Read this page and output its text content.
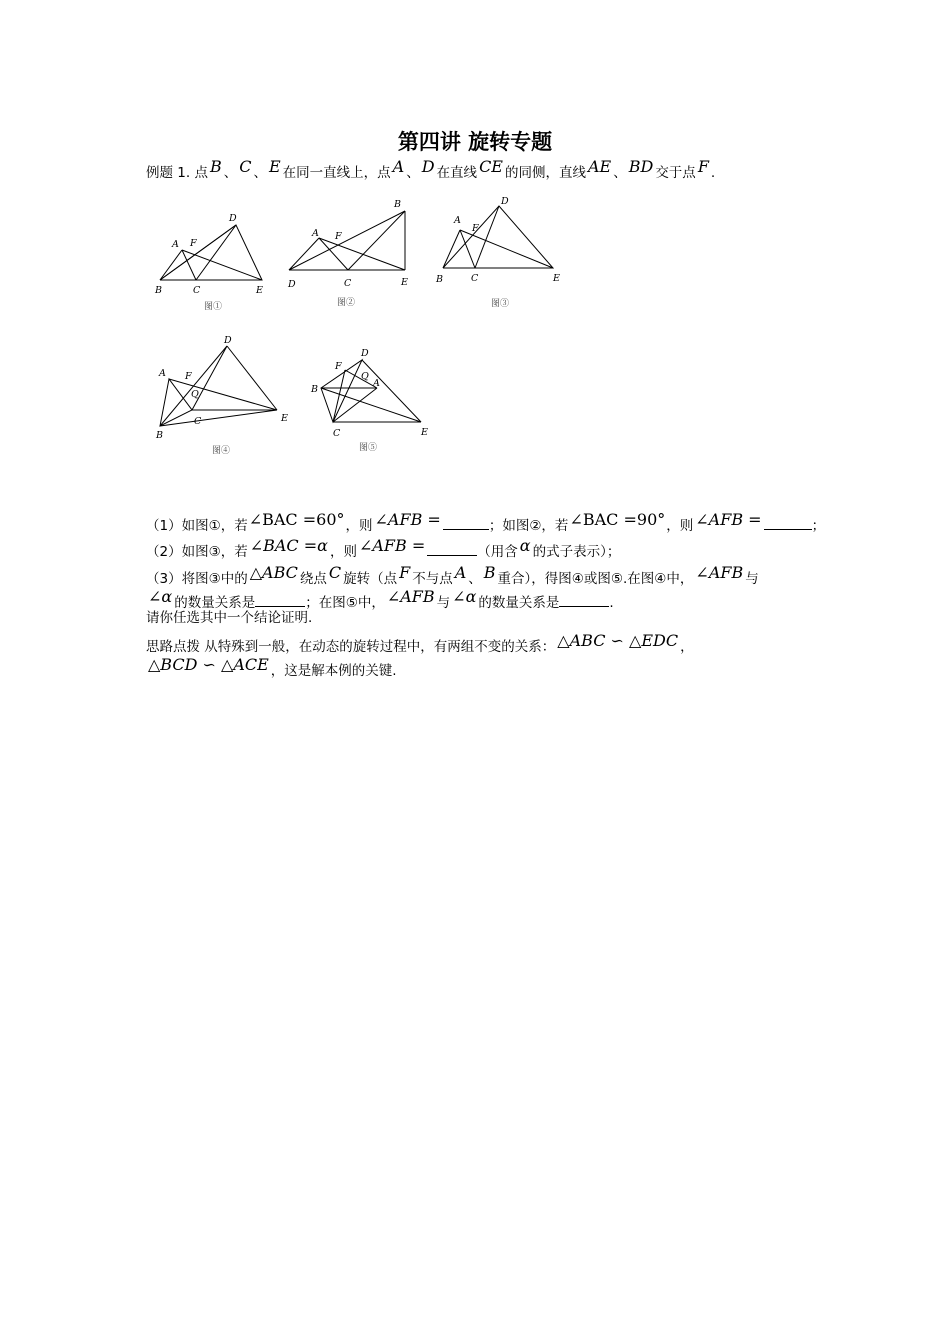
第四讲 旋转专题
例题 1. 点 B 、 C 、 E 在同一直线上，点 A 、 D 在直线 CE 的同侧，直线 AE 、 BD 交于点 F .
D
A F
B	C	E
图①
B
A F
D	C	E
图②
D
A
F
B	C	E
图③
D
A F
Q
B
C	E
图④
D
F
Q
A
B
C	E
图⑤
（1）如图①，若∠BAC =60°，则 ∠AFB =	；如图②，若∠BAC =90°，则 ∠AFB =	；
（2）如图③，若 ∠BAC =α ，则 ∠AFB =	（用含 α 的式子表示）；
（3）将图③中的 △ABC 绕点 C 旋转（点 F 不与点 A 、 B 重合），得图④或图⑤.在图④中， ∠AFB 与
∠α 的数量关系是	；在图⑤中， ∠AFB 与 ∠α 的数量关系是	.
请你任选其中一个结论证明.
思路点拨 从特殊到一般，在动态的旋转过程中，有两组不变的关系： △ABC ∽ △EDC ，
△BCD ∽ △ACE ，这是解本例的关键.
